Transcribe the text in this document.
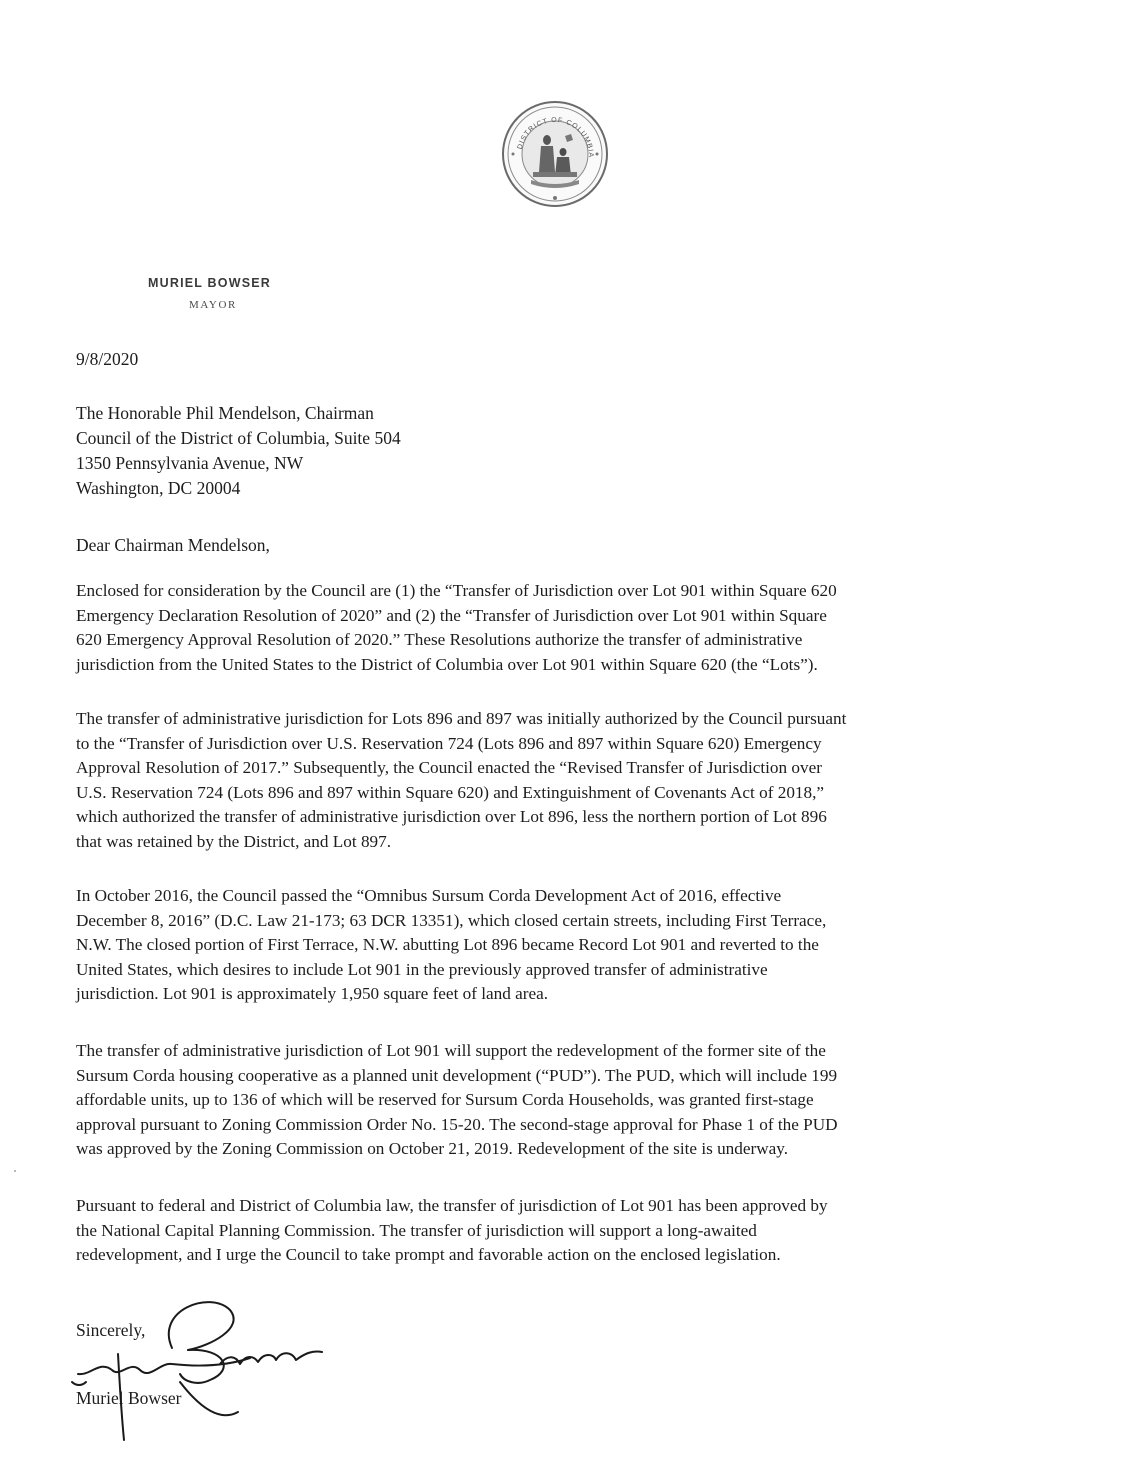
DISTRICT OF COLUMBIA
MURIEL BOWSER
MAYOR
9/8/2020
The Honorable Phil Mendelson, Chairman
Council of the District of Columbia, Suite 504
1350 Pennsylvania Avenue, NW
Washington, DC 20004
Dear Chairman Mendelson,
Enclosed for consideration by the Council are (1) the “Transfer of Jurisdiction over Lot 901 within Square 620
Emergency Declaration Resolution of 2020” and (2) the “Transfer of Jurisdiction over Lot 901 within Square
620 Emergency Approval Resolution of 2020.” These Resolutions authorize the transfer of administrative
jurisdiction from the United States to the District of Columbia over Lot 901 within Square 620 (the “Lots”).
The transfer of administrative jurisdiction for Lots 896 and 897 was initially authorized by the Council pursuant
to the “Transfer of Jurisdiction over U.S. Reservation 724 (Lots 896 and 897 within Square 620) Emergency
Approval Resolution of 2017.” Subsequently, the Council enacted the “Revised Transfer of Jurisdiction over
U.S. Reservation 724 (Lots 896 and 897 within Square 620) and Extinguishment of Covenants Act of 2018,”
which authorized the transfer of administrative jurisdiction over Lot 896, less the northern portion of Lot 896
that was retained by the District, and Lot 897.
In October 2016, the Council passed the “Omnibus Sursum Corda Development Act of 2016, effective
December 8, 2016” (D.C. Law 21-173; 63 DCR 13351), which closed certain streets, including First Terrace,
N.W. The closed portion of First Terrace, N.W. abutting Lot 896 became Record Lot 901 and reverted to the
United States, which desires to include Lot 901 in the previously approved transfer of administrative
jurisdiction. Lot 901 is approximately 1,950 square feet of land area.
The transfer of administrative jurisdiction of Lot 901 will support the redevelopment of the former site of the
Sursum Corda housing cooperative as a planned unit development (“PUD”). The PUD, which will include 199
affordable units, up to 136 of which will be reserved for Sursum Corda Households, was granted first-stage
approval pursuant to Zoning Commission Order No. 15-20. The second-stage approval for Phase 1 of the PUD
was approved by the Zoning Commission on October 21, 2019. Redevelopment of the site is underway.
Pursuant to federal and District of Columbia law, the transfer of jurisdiction of Lot 901 has been approved by
the National Capital Planning Commission. The transfer of jurisdiction will support a long-awaited
redevelopment, and I urge the Council to take prompt and favorable action on the enclosed legislation.
Sincerely,
Muriel Bowser
